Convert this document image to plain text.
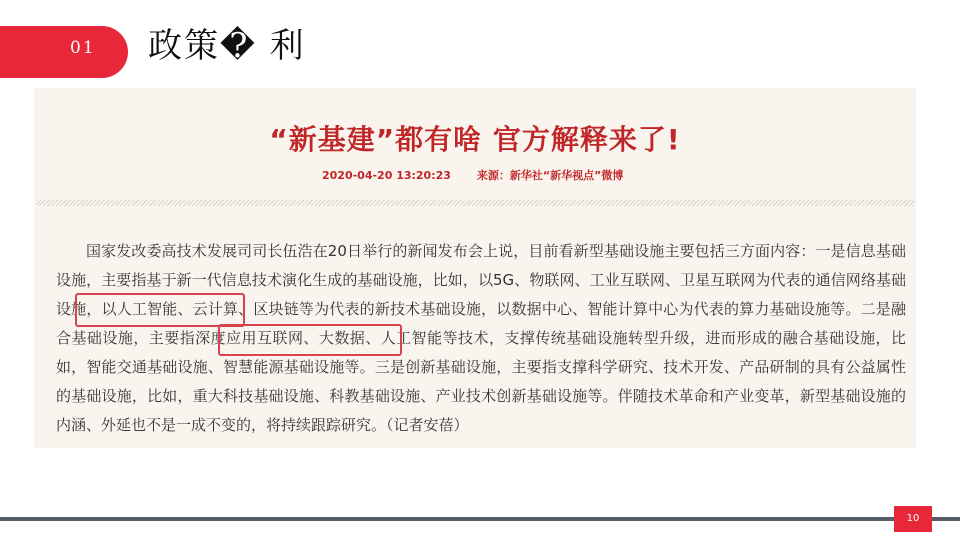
01 政策� 利
“新基建”都有啥 官方解释来了!
2020-04-20 13:20:23 来源：新华社“新华视点”微博
国家发改委高技术发展司司长伍浩在20日举行的新闻发布会上说，目前看新型基础设施主要包括三方面内容：一是信息基础设施，主要指基于新一代信息技术演化生成的基础设施，比如，以5G、物联网、工业互联网、卫星互联网为代表的通信网络基础设施，以人工智能、云计算、区块链等为代表的新技术基础设施，以数据中心、智能计算中心为代表的算力基础设施等。二是融合基础设施，主要指深度应用互联网、大数据、人工智能等技术，支撑传统基础设施转型升级，进而形成的融合基础设施，比如，智能交通基础设施、智慧能源基础设施等。三是创新基础设施，主要指支撑科学研究、技术开发、产品研制的具有公益属性的基础设施，比如，重大科技基础设施、科教基础设施、产业技术创新基础设施等。伴随技术革命和产业变革，新型基础设施的内涵、外延也不是一成不变的，将持续跟踪研究。（记者安蓓）
10
